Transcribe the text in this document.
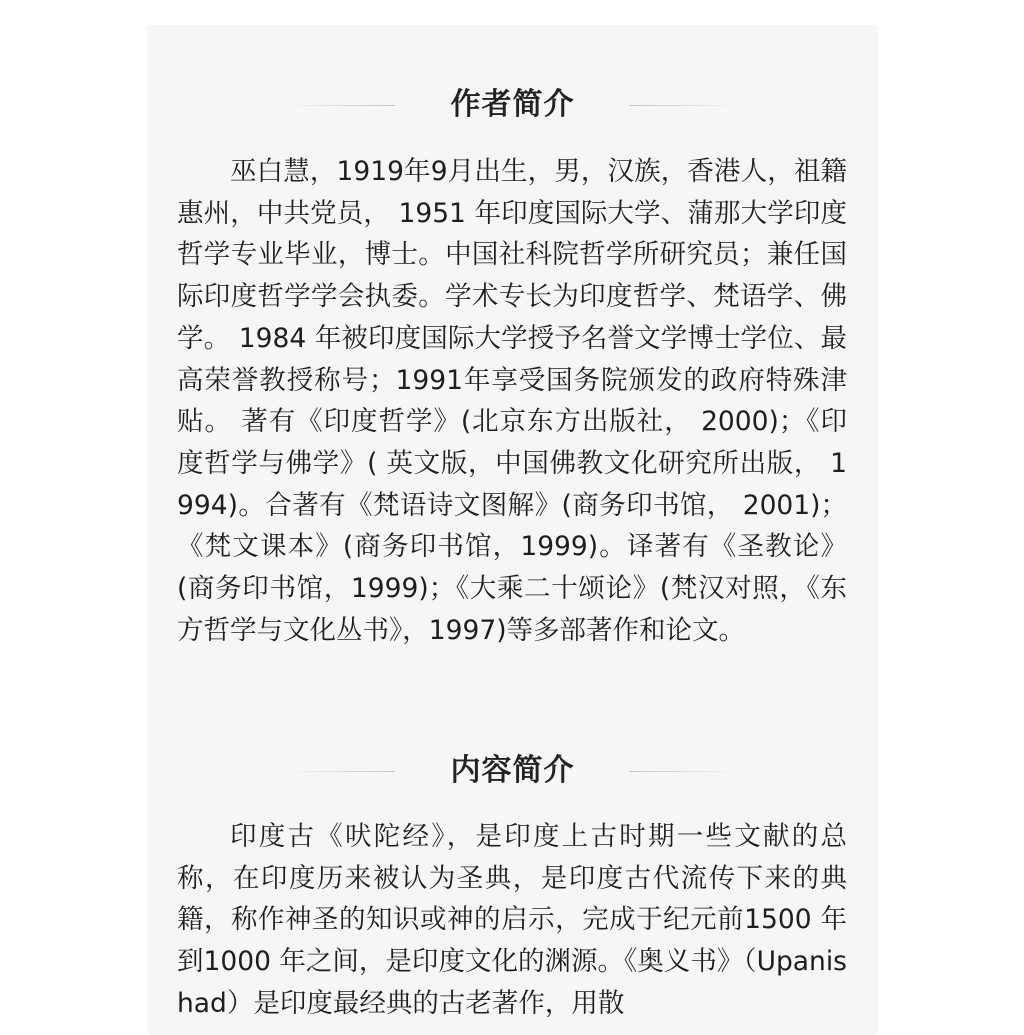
作者简介

巫白慧，1919年9月出生，男，汉族，香港人，祖籍惠州，中共党员， 1951 年印度国际大学、蒲那大学印度哲学专业毕业，博士。中国社科院哲学所研究员；兼任国际印度哲学学会执委。学术专长为印度哲学、梵语学、佛学。 1984 年被印度国际大学授予名誉文学博士学位、最高荣誉教授称号；1991年享受国务院颁发的政府特殊津贴。 著有《印度哲学》(北京东方出版社， 2000)；《印度哲学与佛学》( 英文版，中国佛教文化研究所出版， 1994)。合著有《梵语诗文图解》(商务印书馆， 2001)；《梵文课本》(商务印书馆，1999)。译著有《圣教论》(商务印书馆，1999)；《大乘二十颂论》(梵汉对照，《东方哲学与文化丛书》，1997)等多部著作和论文。

内容简介

印度古《吠陀经》，是印度上古时期一些文献的总称，在印度历来被认为圣典，是印度古代流传下来的典籍，称作神圣的知识或神的启示，完成于纪元前1500 年到1000 年之间，是印度文化的渊源。《奥义书》（Upanishad）是印度最经典的古老著作，用散
